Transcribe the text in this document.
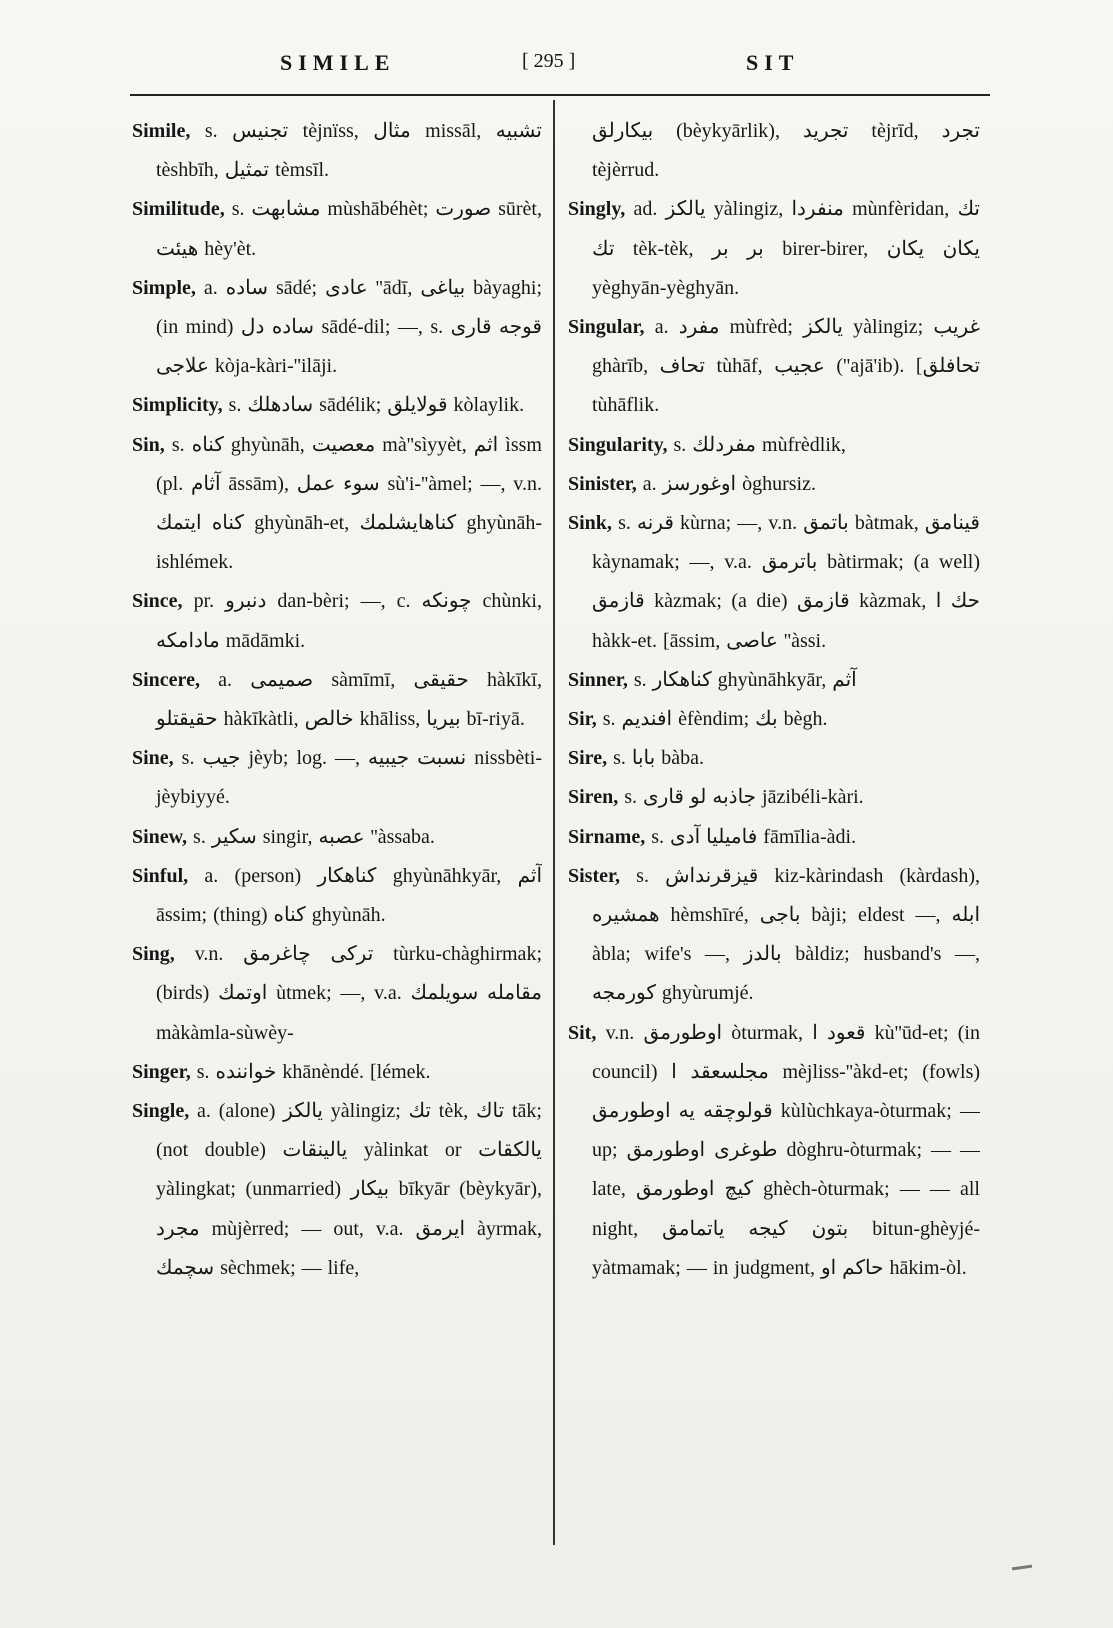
SIMILE	[ 295 ]	SIT

Simile, s. تجنيس tèjnïss, مثال missāl, تشبيه tèshbīh, تمثيل tèmsīl.

Similitude, s. مشابهت mùshābéhèt; صورت sūrèt, هيئت hèy'èt.

Simple, a. ساده sādé; عادى ''ādī, بياغى bàyaghi; (in mind) ساده دل sādé-dil; —, s. قوجه قارى علاجى kòja-kàri-''ilāji.

Simplicity, s. سادهلك sādélik; قولايلق kòlaylik.

Sin, s. كناه ghyùnāh, معصيت mà''sìyyèt, اثم ìssm (pl. آثام āssām), سوء عمل sù'i-''àmel; —, v.n. كناه ايتمك ghyùnāh-et, كناهايشلمك ghyùnāh-ishlémek.

Since, pr. دنبرو dan-bèri; —, c. چونكه chùnki, مادامكه mādāmki.

Sincere, a. صميمى sàmīmī, حقيقى hàkīkī, حقيقتلو hàkīkàtli, خالص khāliss, بيريا bī-riyā.

Sine, s. جيب jèyb; log. —, نسبت جيبيه nissbèti-jèybiyyé.

Sinew, s. سكير singir, عصبه ''àssaba.

Sinful, a. (person) كناهكار ghyùnāhkyār, آثم āssim; (thing) كناه ghyùnāh.

Sing, v.n. تركى چاغرمق tùrku-chàghirmak; (birds) اوتمك ùtmek; —, v.a. مقامله سويلمك màkàmla-sùwèy-

Singer, s. خواننده khānèndé. [lémek.

Single, a. (alone) يالكز yàlingiz; تك tèk, تاك tāk; (not double) يالينقات yàlinkat or يالكقات yàlingkat; (unmarried) بيكار bīkyār (bèykyār), مجرد mùjèrred; — out, v.a. ايرمق àyrmak, سچمك sèchmek; — life,

بيكارلق (bèykyārlik), تجريد tèjrīd, تجرد tèjèrrud.

Singly, ad. يالكز yàlingiz, منفردا mùnfèridan, تك تك tèk-tèk, بر بر birer-birer, يكان يكان yèghyān-yèghyān.

Singular, a. مفرد mùfrèd; يالكز yàlingiz; غريب ghàrīb, تحاف tùhāf, عجيب (''ajā'ib). [تحافلق tùhāflik.

Singularity, s. مفردلك mùfrèdlik,

Sinister, a. اوغورسز òghursiz.

Sink, s. قرنه kùrna; —, v.n. باتمق bàtmak, قينامق kàynamak; —, v.a. باترمق bàtirmak; (a well) قازمق kàzmak; (a die) قازمق kàzmak, حك ا hàkk-et. [āssim, عاصى ''àssi.

Sinner, s. كناهكار ghyùnāhkyār, آثم

Sir, s. افنديم èfèndim; بك bègh.

Sire, s. بابا bàba.

Siren, s. جاذبه لو قارى jāzibéli-kàri.

Sirname, s. فاميليا آدى fāmīlia-àdi.

Sister, s. قيزقرنداش kiz-kàrindash (kàrdash), همشيره hèmshīré, باجى bàji; eldest —, ابله àbla; wife's —, بالدز bàldiz; husband's —, كورمجه ghyùrumjé.

Sit, v.n. اوطورمق òturmak, قعود ا kù''ūd-et; (in council) مجلسعقد ا mèjliss-''àkd-et; (fowls) قولوچقه يه اوطورمق kùlùchkaya-òturmak; — up; طوغرى اوطورمق dòghru-òturmak; — — late, كيچ اوطورمق ghèch-òturmak; — — all night, بتون كيجه ياتمامق bitun-ghèyjé-yàtmamak; — in judgment, حاكم او hākim-òl.
